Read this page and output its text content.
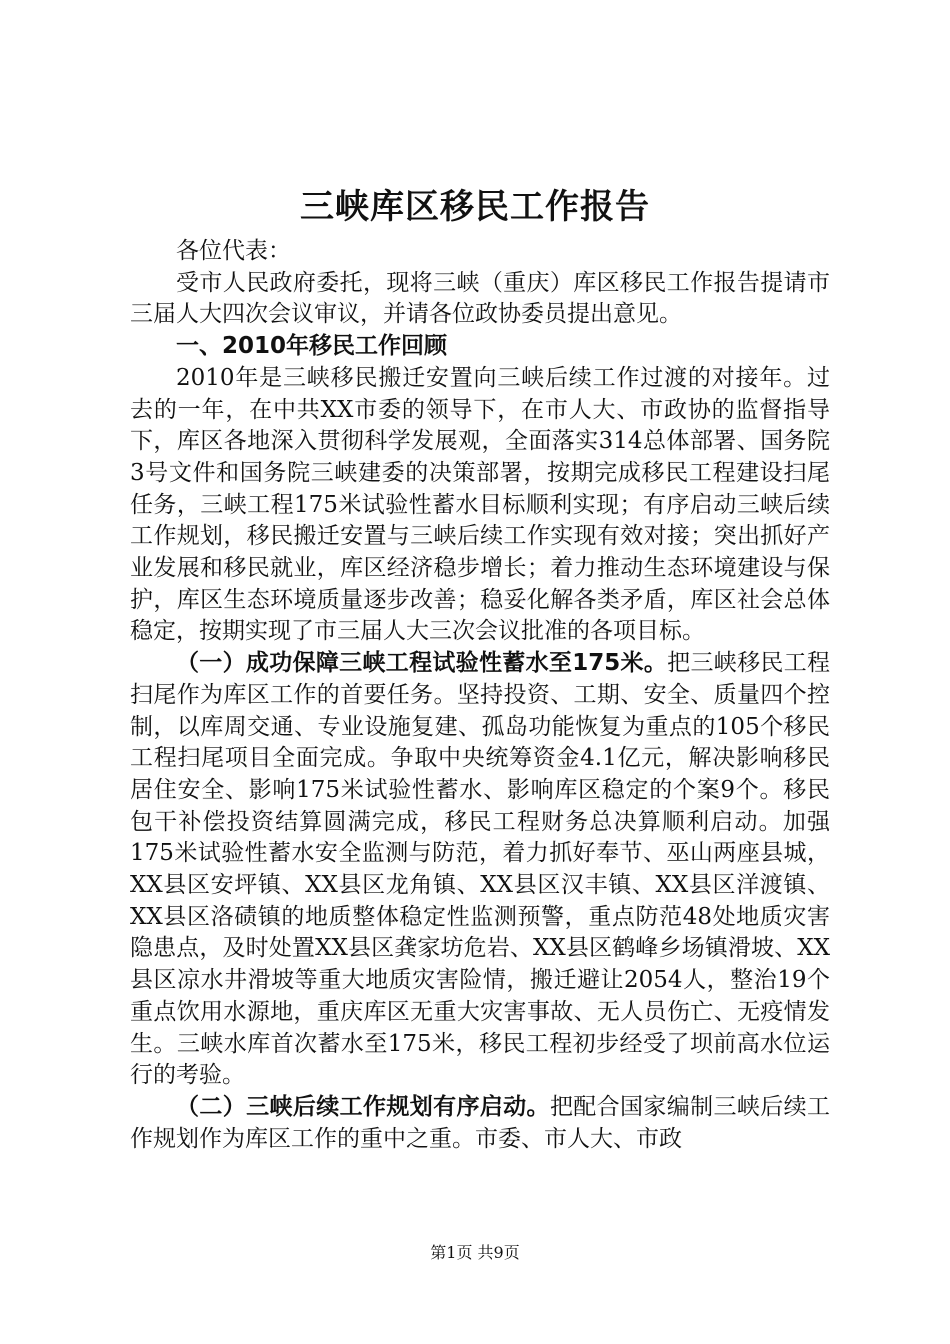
三峡库区移民工作报告

各位代表：

受市人民政府委托，现将三峡（重庆）库区移民工作报告提请市三届人大四次会议审议，并请各位政协委员提出意见。

一、2010年移民工作回顾

2010年是三峡移民搬迁安置向三峡后续工作过渡的对接年。过去的一年，在中共XX市委的领导下，在市人大、市政协的监督指导下，库区各地深入贯彻科学发展观，全面落实314总体部署、国务院3号文件和国务院三峡建委的决策部署，按期完成移民工程建设扫尾任务，三峡工程175米试验性蓄水目标顺利实现；有序启动三峡后续工作规划，移民搬迁安置与三峡后续工作实现有效对接；突出抓好产业发展和移民就业，库区经济稳步增长；着力推动生态环境建设与保护，库区生态环境质量逐步改善；稳妥化解各类矛盾，库区社会总体稳定，按期实现了市三届人大三次会议批准的各项目标。

（一）成功保障三峡工程试验性蓄水至175米。把三峡移民工程扫尾作为库区工作的首要任务。坚持投资、工期、安全、质量四个控制，以库周交通、专业设施复建、孤岛功能恢复为重点的105个移民工程扫尾项目全面完成。争取中央统筹资金4.1亿元，解决影响移民居住安全、影响175米试验性蓄水、影响库区稳定的个案9个。移民包干补偿投资结算圆满完成，移民工程财务总决算顺利启动。加强175米试验性蓄水安全监测与防范，着力抓好奉节、巫山两座县城，XX县区安坪镇、XX县区龙角镇、XX县区汉丰镇、XX县区洋渡镇、XX县区洛碛镇的地质整体稳定性监测预警，重点防范48处地质灾害隐患点，及时处置XX县区龚家坊危岩、XX县区鹤峰乡场镇滑坡、XX县区凉水井滑坡等重大地质灾害险情，搬迁避让2054人，整治19个重点饮用水源地，重庆库区无重大灾害事故、无人员伤亡、无疫情发生。三峡水库首次蓄水至175米，移民工程初步经受了坝前高水位运行的考验。

（二）三峡后续工作规划有序启动。把配合国家编制三峡后续工作规划作为库区工作的重中之重。市委、市人大、市政

第1页 共9页
